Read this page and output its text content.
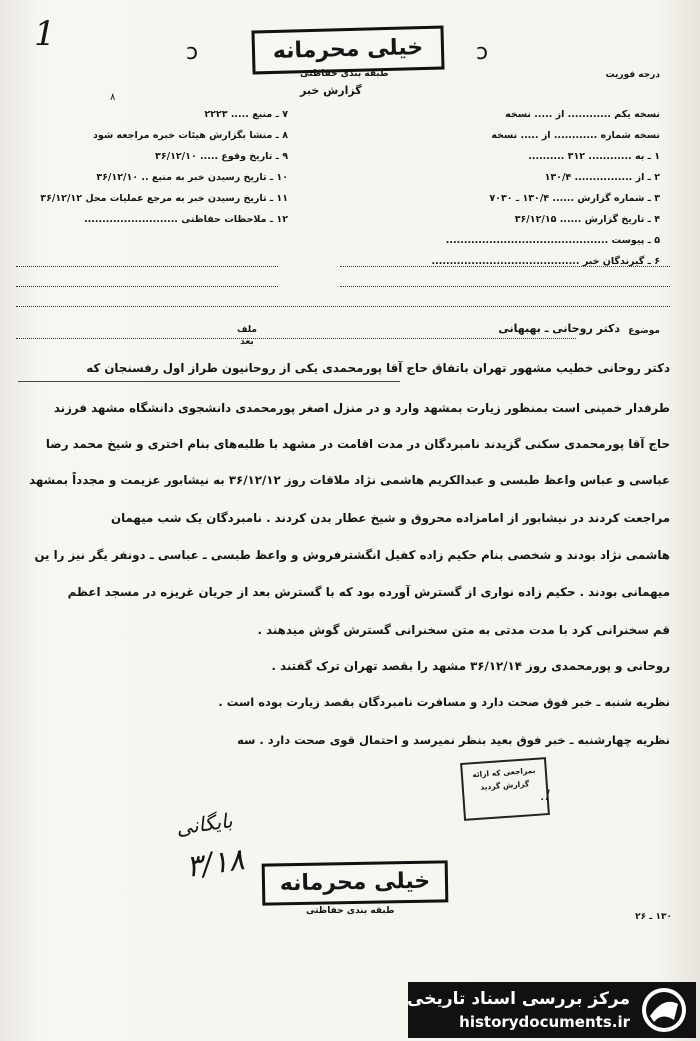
1	ɔ	ɔ
خیلی محرمانه
طبقه بندی حفاظتی
گزارش خبر
درجه فوریت
٨
نسخه یکم ............ از ..... نسخه
نسخه شماره ............ از ..... نسخه
۱ ـ به ............ ۳۱۲ ..........
۲ ـ از ................ ۱۳۰/۴
۳ ـ شماره گزارش ...... ۱۳۰/۴ ـ ۷۰۳۰
۴ ـ تاریخ گزارش ...... ۳۶/۱۲/۱۵
۵ ـ پیوست .............................................
۶ ـ گیرندگان خبر .........................................
۷ ـ منبع ..... ۲۲۲۳
۸ ـ منشا بگزارش هیئات خبره مراجعه شود
۹ ـ تاریخ وقوع ..... ۳۶/۱۲/۱۰
۱۰ ـ تاریخ رسیدن خبر به منبع .. ۳۶/۱۲/۱۰
۱۱ ـ تاریخ رسیدن خبر به مرجع عملیات محل ۳۶/۱۲/۱۲
۱۲ ـ ملاحظات حفاظتی ..........................
موضوع
دکتر روحانی ـ بهبهانی
ملف بعد
دکتر روحانی خطیب مشهور تهران باتفاق حاج آقا پورمحمدی یکی از روحانیون طراز اول رفسنجان که
طرفدار خمینی است بمنظور زیارت بمشهد وارد و در منزل اصغر پورمحمدی دانشجوی دانشگاه مشهد فرزند
حاج آقا پورمحمدی سکنی گزیدند نامبردگان در مدت اقامت در مشهد با طلبه‌های بنام اختری و شیخ محمد رضا
عباسی و عباس واعظ طبسی و عبدالکریم هاشمی نژاد ملاقات روز ۳۶/۱۲/۱۲ به نیشابور عزیمت و مجدداً بمشهد
مراجعت کردند در نیشابور از امامزاده محروق و شیخ عطار بدن کردند . نامبردگان یک شب میهمان
هاشمی نژاد بودند و شخصی بنام حکیم زاده کفیل انگشترفروش و واعظ طبسی ـ عباسی ـ دونفر یگر نیز را ین
میهمانی بودند . حکیم زاده نواری از گسترش آورده بود که با گسترش بعد از جریان غریزه در مسجد اعظم
قم سخنرانی کرد با مدت مدتی به متن سخنرانی گسترش گوش میدهند .
روحانی و پورمحمدی روز ۳۶/۱۲/۱۴ مشهد را بقصد تهران ترک گفتند .
نظریه شنبه ـ خبر فوق صحت دارد و مسافرت نامبردگان بقصد زیارت بوده است .
نظریه چهارشنبه ـ خبر فوق بعید بنظر نمیرسد و احتمال قوی صحت دارد . سه
بمراجعی که ارائه
گزارش گردید
ا.
بایگانی
۳/۱۸	خیلی محرمانه
طبقه بندی حفاظتی
۱۳۰ ـ ۲۶
مرکز بررسی اسناد تاریخی
historydocuments.ir
